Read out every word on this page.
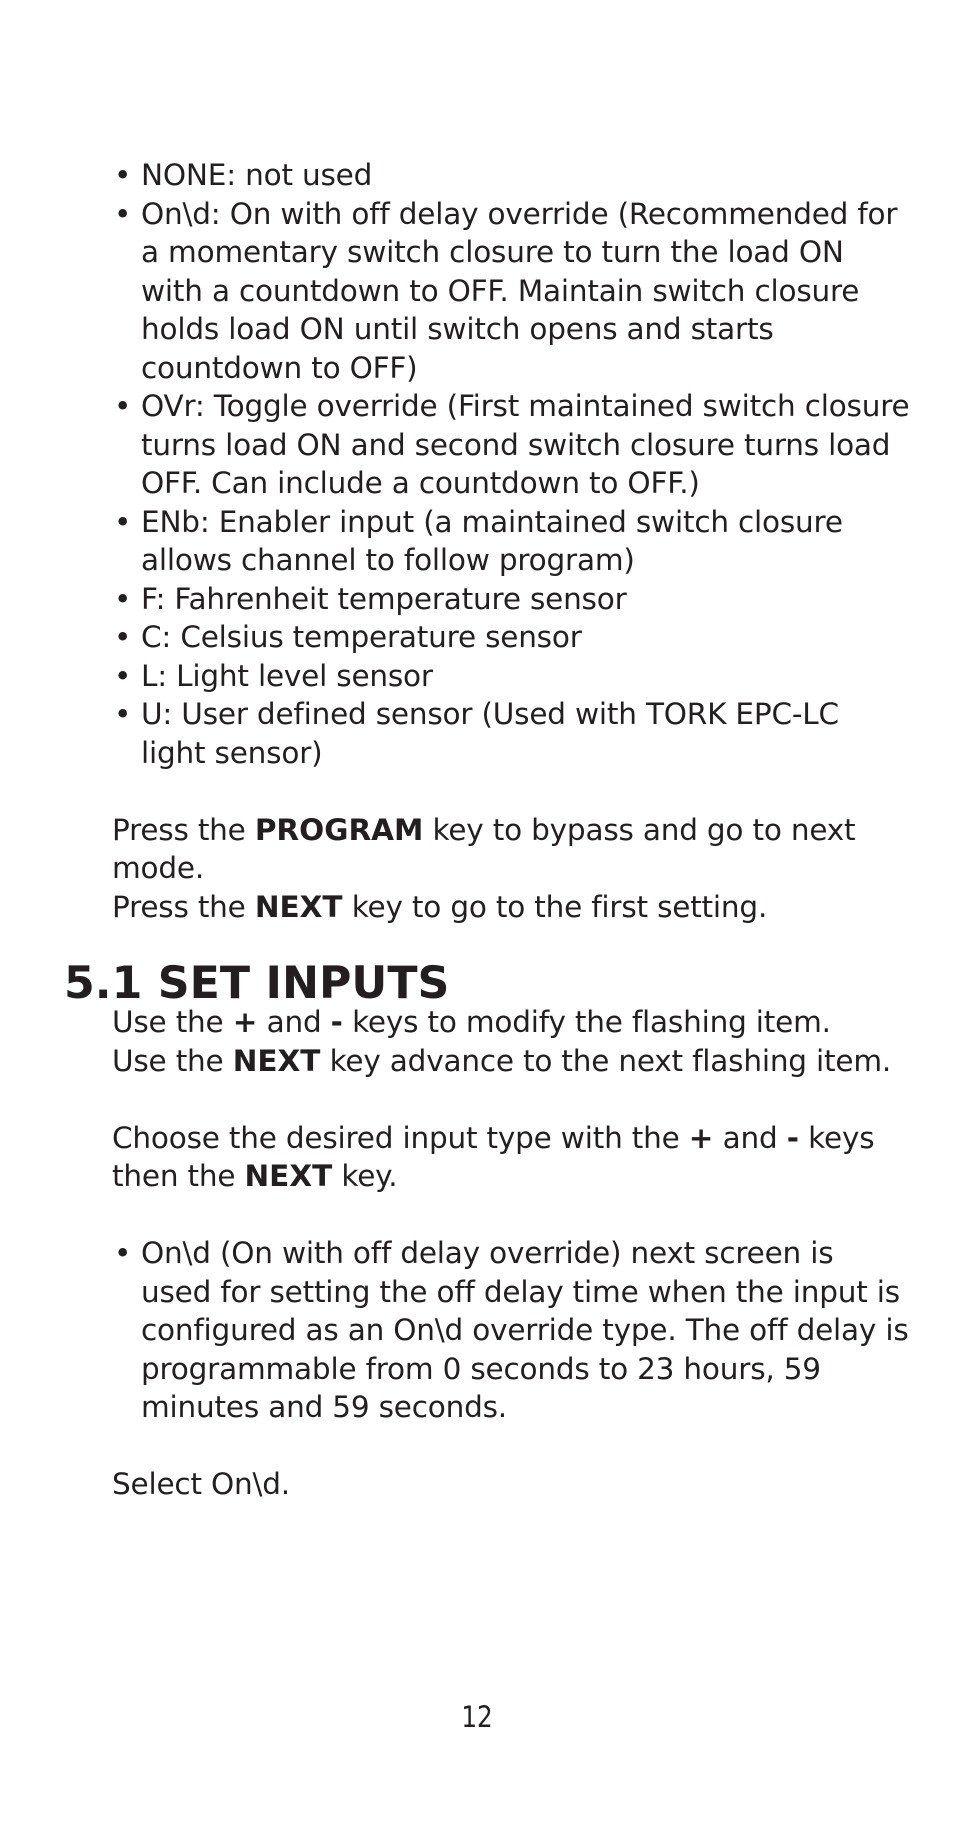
• NONE: not used
• On\d: On with off delay override (Recommended for a momentary switch closure to turn the load ON with a countdown to OFF. Maintain switch closure holds load ON until switch opens and starts countdown to OFF)
• OVr: Toggle override (First maintained switch closure turns load ON and second switch closure turns load OFF. Can include a countdown to OFF.)
• ENb: Enabler input (a maintained switch closure allows channel to follow program)
• F: Fahrenheit temperature sensor
• C: Celsius temperature sensor
• L: Light level sensor
• U: User defined sensor (Used with TORK EPC-LC light sensor)

Press the PROGRAM key to bypass and go to next mode.

Press the NEXT key to go to the first setting.

5.1 SET INPUTS

Use the + and - keys to modify the flashing item.

Use the NEXT key advance to the next flashing item.

Choose the desired input type with the + and - keys then the NEXT key.

• On\d (On with off delay override) next screen is used for setting the off delay time when the input is configured as an On\d override type. The off delay is programmable from 0 seconds to 23 hours, 59 minutes and 59 seconds.

Select On\d.

12
